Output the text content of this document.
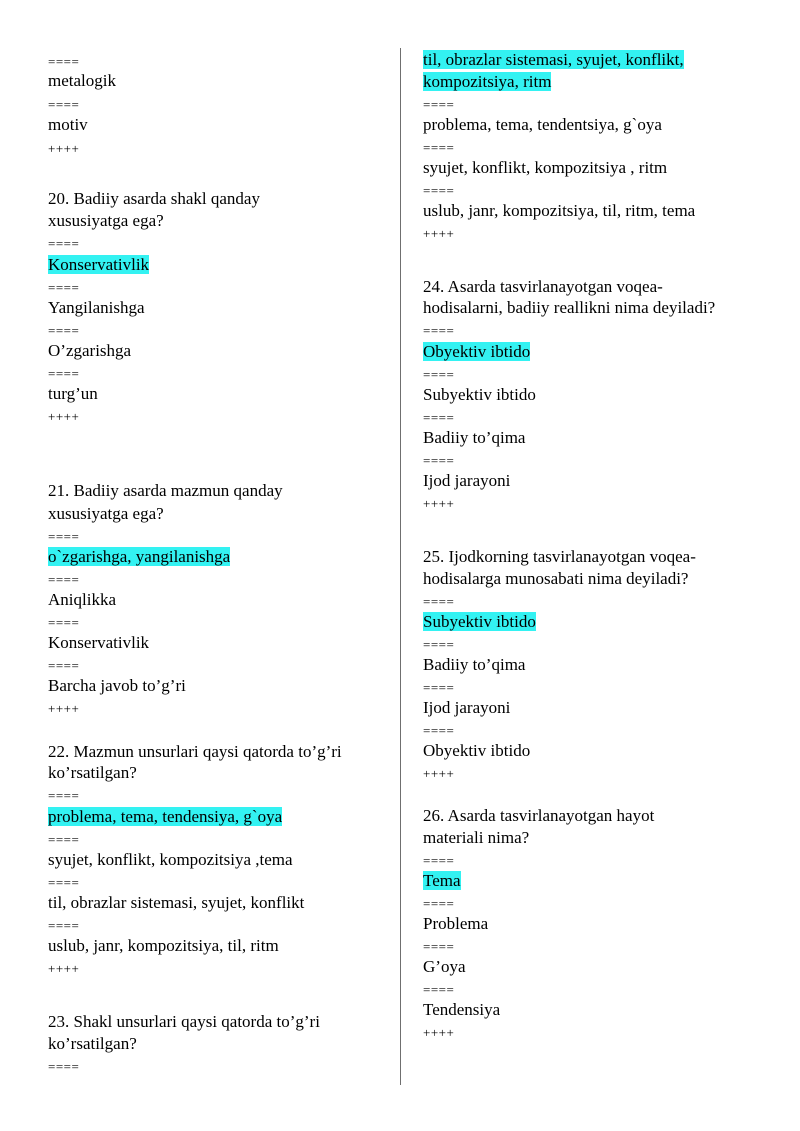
====
metalogik
====
motiv
++++
20. Badiiy asarda shakl qanday
xususiyatga ega?
====
Konservativlik
====
Yangilanishga
====
O’zgarishga
====
turg’un
++++
21. Badiiy asarda mazmun qanday
xususiyatga ega?
====
o`zgarishga, yangilanishga
====
Aniqlikka
====
Konservativlik
====
Barcha javob to’g’ri
++++
22. Mazmun unsurlari qaysi qatorda to’g’ri
ko’rsatilgan?
====
problema, tema, tendensiya, g`oya
====
syujet, konflikt, kompozitsiya ,tema
====
til, obrazlar sistemasi, syujet, konflikt
====
uslub, janr, kompozitsiya, til, ritm
++++
23. Shakl unsurlari qaysi qatorda to’g’ri
ko’rsatilgan?
====
til, obrazlar sistemasi, syujet, konflikt,
kompozitsiya, ritm
====
problema, tema, tendentsiya, g`oya
====
syujet, konflikt, kompozitsiya , ritm
====
uslub, janr, kompozitsiya, til, ritm, tema
++++
24. Asarda tasvirlanayotgan voqea-
hodisalarni, badiiy reallikni nima deyiladi?
====
Obyektiv ibtido
====
Subyektiv ibtido
====
Badiiy to’qima
====
Ijod jarayoni
++++
25. Ijodkorning tasvirlanayotgan voqea-
hodisalarga munosabati nima deyiladi?
====
Subyektiv ibtido
====
Badiiy to’qima
====
Ijod jarayoni
====
Obyektiv ibtido
++++
26. Asarda tasvirlanayotgan hayot
materiali nima?
====
Tema
====
Problema
====
G’oya
====
Tendensiya
++++
